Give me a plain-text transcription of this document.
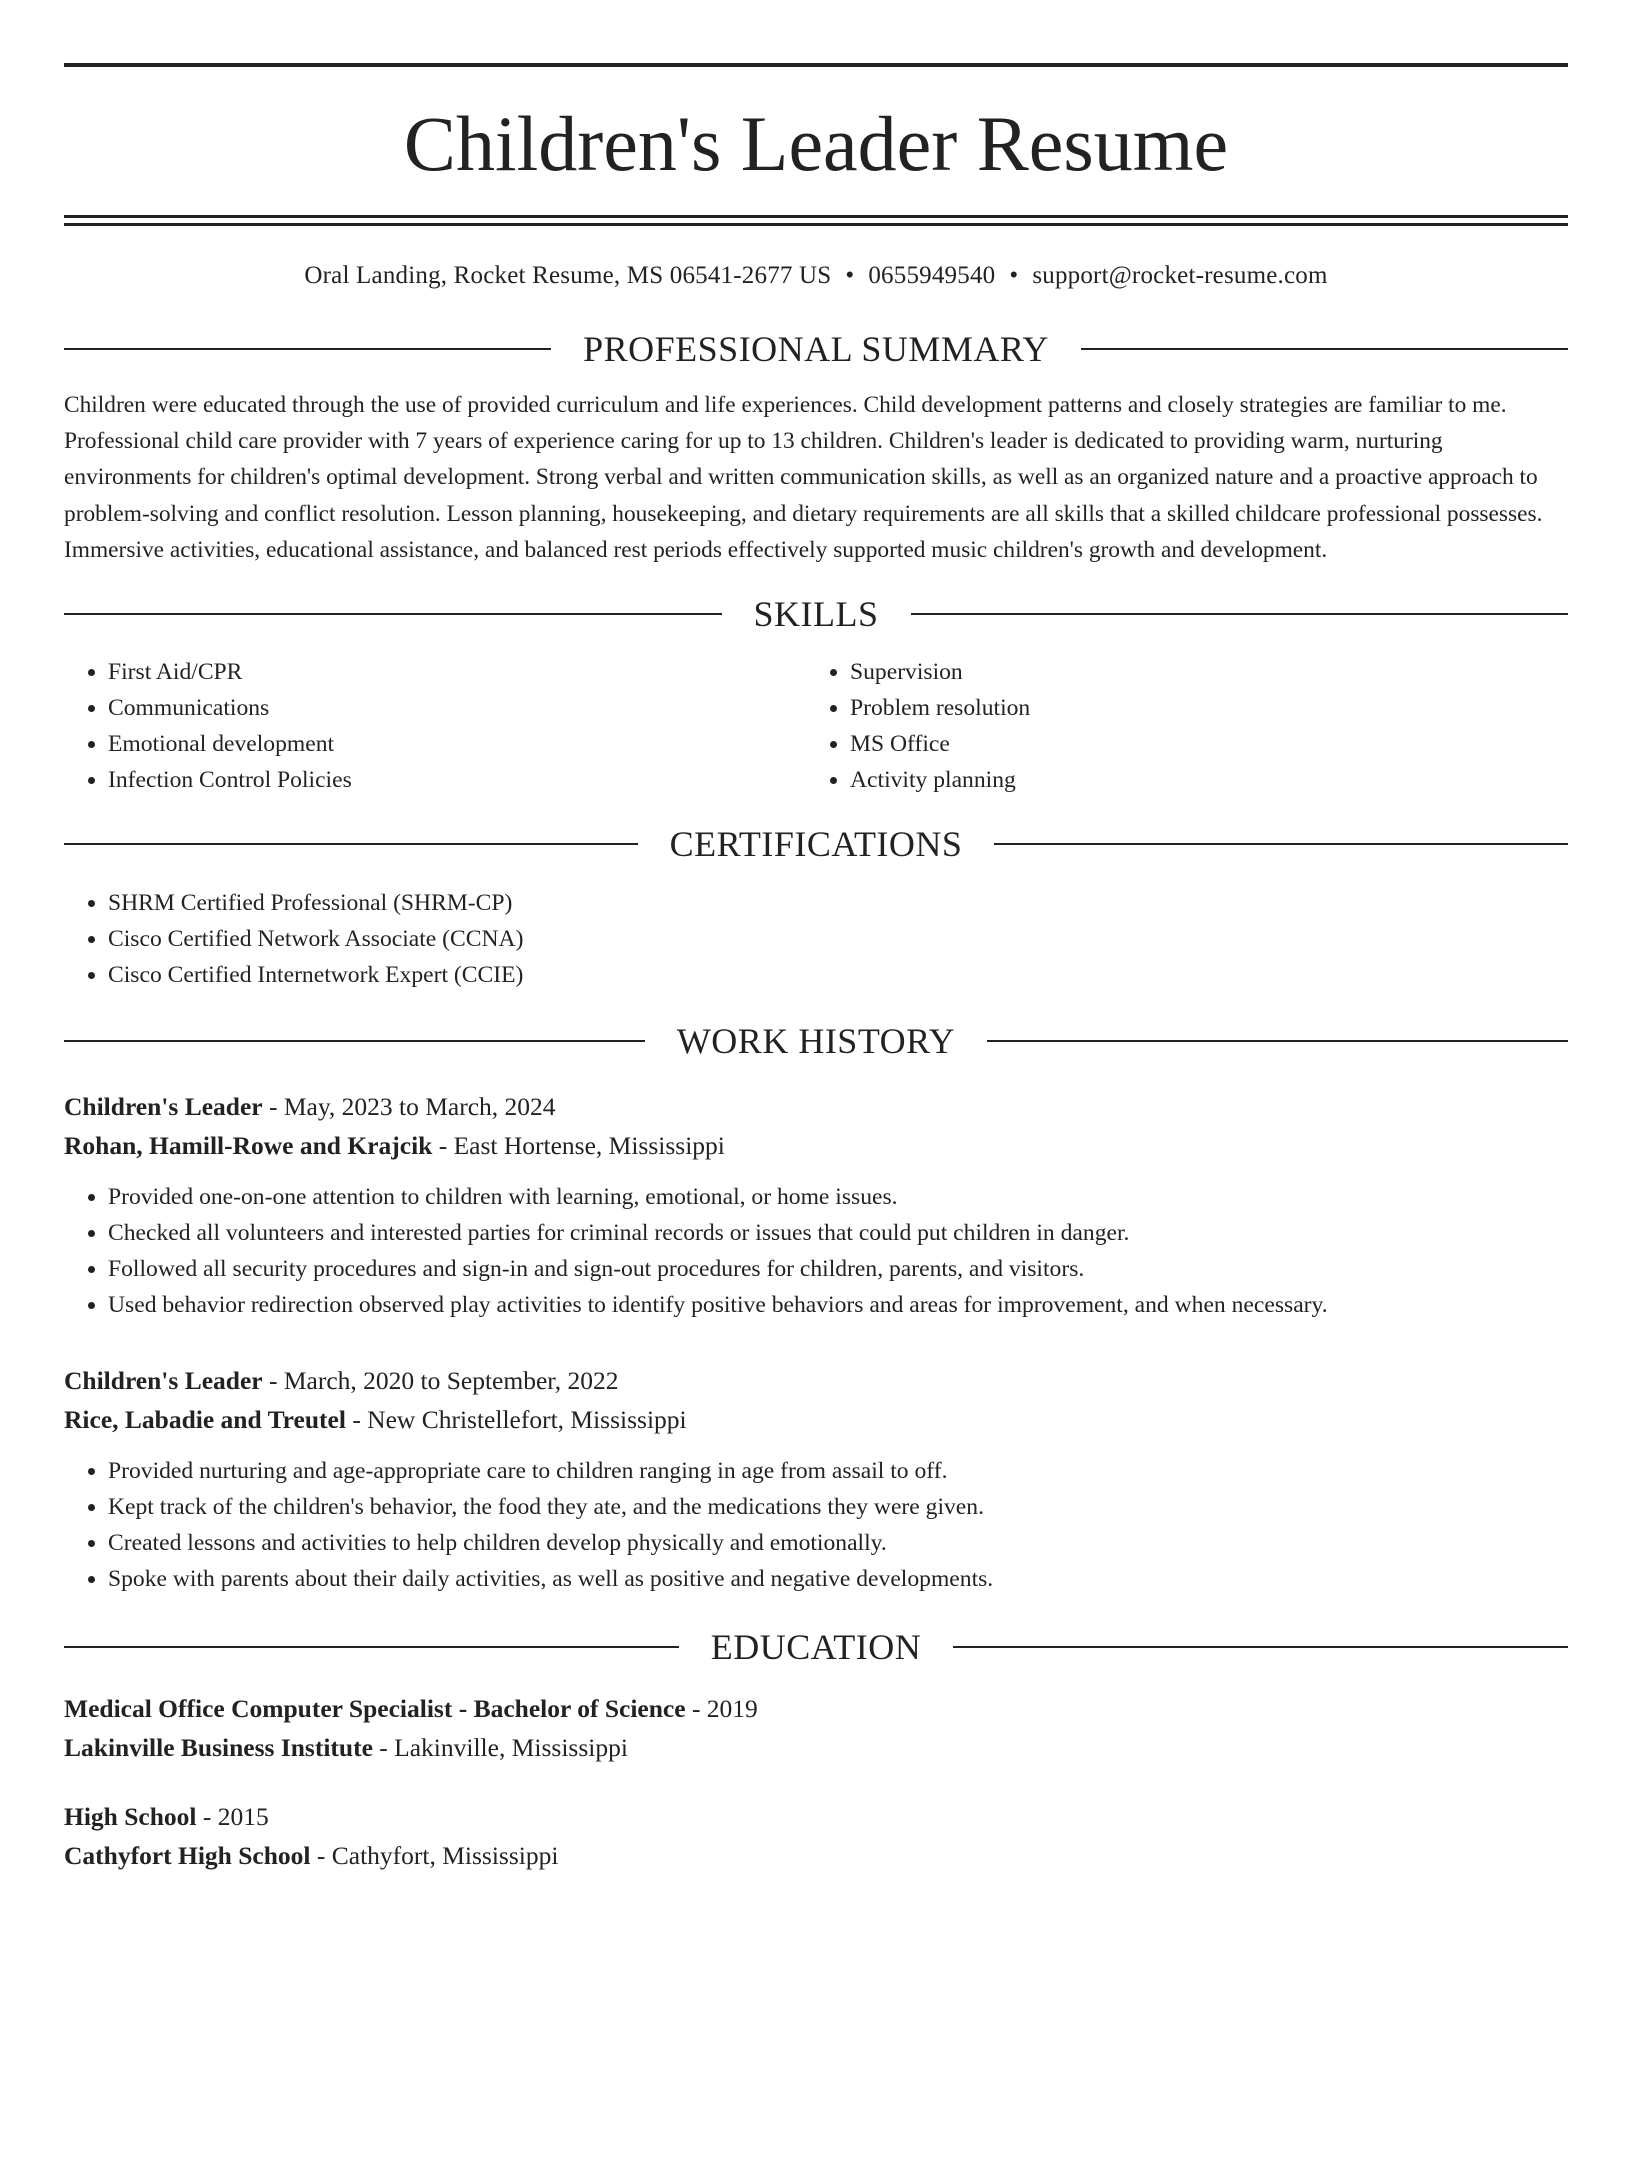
Children's Leader Resume
Oral Landing, Rocket Resume, MS 06541-2677 US • 0655949540 • support@rocket-resume.com
PROFESSIONAL SUMMARY
Children were educated through the use of provided curriculum and life experiences. Child development patterns and closely strategies are familiar to me. Professional child care provider with 7 years of experience caring for up to 13 children. Children's leader is dedicated to providing warm, nurturing environments for children's optimal development. Strong verbal and written communication skills, as well as an organized nature and a proactive approach to problem-solving and conflict resolution. Lesson planning, housekeeping, and dietary requirements are all skills that a skilled childcare professional possesses. Immersive activities, educational assistance, and balanced rest periods effectively supported music children's growth and development.
SKILLS
• First Aid/CPR
• Communications
• Emotional development
• Infection Control Policies
• Supervision
• Problem resolution
• MS Office
• Activity planning
CERTIFICATIONS
• SHRM Certified Professional (SHRM-CP)
• Cisco Certified Network Associate (CCNA)
• Cisco Certified Internetwork Expert (CCIE)
WORK HISTORY
Children's Leader - May, 2023 to March, 2024
Rohan, Hamill-Rowe and Krajcik - East Hortense, Mississippi
• Provided one-on-one attention to children with learning, emotional, or home issues.
• Checked all volunteers and interested parties for criminal records or issues that could put children in danger.
• Followed all security procedures and sign-in and sign-out procedures for children, parents, and visitors.
• Used behavior redirection observed play activities to identify positive behaviors and areas for improvement, and when necessary.
Children's Leader - March, 2020 to September, 2022
Rice, Labadie and Treutel - New Christellefort, Mississippi
• Provided nurturing and age-appropriate care to children ranging in age from assail to off.
• Kept track of the children's behavior, the food they ate, and the medications they were given.
• Created lessons and activities to help children develop physically and emotionally.
• Spoke with parents about their daily activities, as well as positive and negative developments.
EDUCATION
Medical Office Computer Specialist - Bachelor of Science - 2019
Lakinville Business Institute - Lakinville, Mississippi
High School - 2015
Cathyfort High School - Cathyfort, Mississippi
